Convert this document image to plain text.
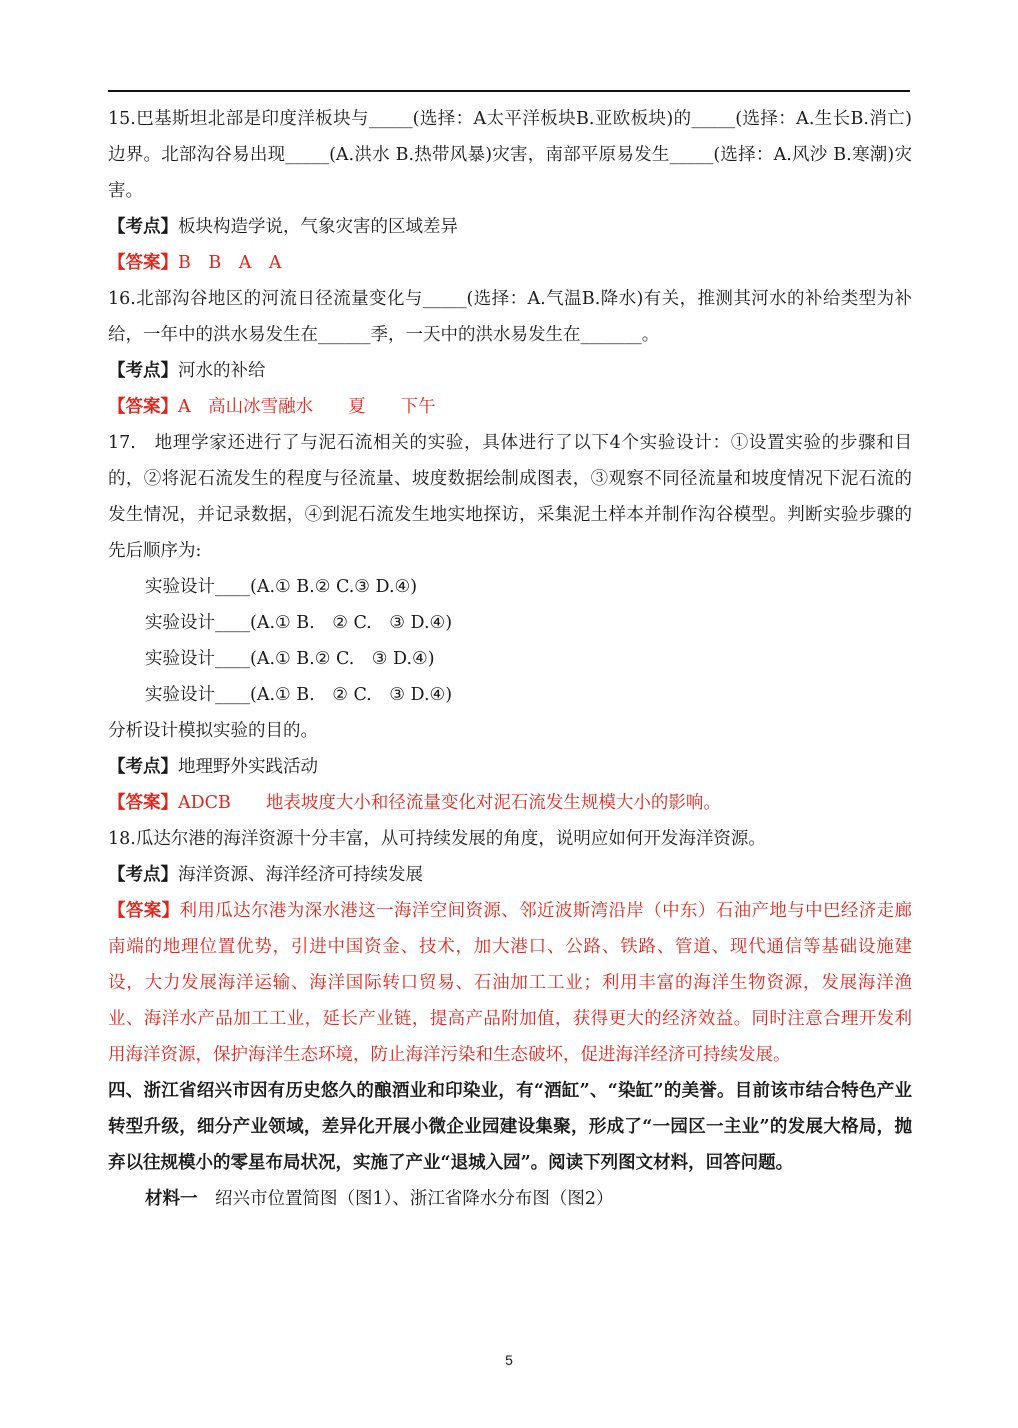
15.巴基斯坦北部是印度洋板块与_____(选择：A太平洋板块B.亚欧板块)的_____(选择：A.生长B.消亡)边界。北部沟谷易出现_____(A.洪水 B.热带风暴)灾害，南部平原易发生_____(选择：A.风沙 B.寒潮)灾害。

【考点】板块构造学说，气象灾害的区域差异

【答案】B　B　A　A

16.北部沟谷地区的河流日径流量变化与_____(选择：A.气温B.降水)有关，推测其河水的补给类型为补给，一年中的洪水易发生在______季，一天中的洪水易发生在_______。

【考点】河水的补给

【答案】A　高山冰雪融水　　夏　　下午

17.　地理学家还进行了与泥石流相关的实验，具体进行了以下4个实验设计：①设置实验的步骤和目的，②将泥石流发生的程度与径流量、坡度数据绘制成图表，③观察不同径流量和坡度情况下泥石流的发生情况，并记录数据，④到泥石流发生地实地探访，采集泥土样本并制作沟谷模型。判断实验步骤的先后顺序为:

实验设计____(A.① B.② C.③ D.④)

实验设计____(A.① B.　② C.　③ D.④)

实验设计____(A.① B.② C.　③ D.④)

实验设计____(A.① B.　② C.　③ D.④)

分析设计模拟实验的目的。

【考点】地理野外实践活动

【答案】ADCB　　地表坡度大小和径流量变化对泥石流发生规模大小的影响。

18.瓜达尔港的海洋资源十分丰富，从可持续发展的角度，说明应如何开发海洋资源。

【考点】海洋资源、海洋经济可持续发展

【答案】利用瓜达尔港为深水港这一海洋空间资源、邻近波斯湾沿岸（中东）石油产地与中巴经济走廊南端的地理位置优势，引进中国资金、技术，加大港口、公路、铁路、管道、现代通信等基础设施建设，大力发展海洋运输、海洋国际转口贸易、石油加工工业；利用丰富的海洋生物资源，发展海洋渔业、海洋水产品加工工业，延长产业链，提高产品附加值，获得更大的经济效益。同时注意合理开发利用海洋资源，保护海洋生态环境，防止海洋污染和生态破坏，促进海洋经济可持续发展。

四、浙江省绍兴市因有历史悠久的酿酒业和印染业，有“酒缸”、“染缸”的美誉。目前该市结合特色产业转型升级，细分产业领域，差异化开展小微企业园建设集聚，形成了“一园区一主业”的发展大格局，抛弃以往规模小的零星布局状况，实施了产业“退城入园”。阅读下列图文材料，回答问题。

材料一　绍兴市位置简图（图1）、浙江省降水分布图（图2）

5
